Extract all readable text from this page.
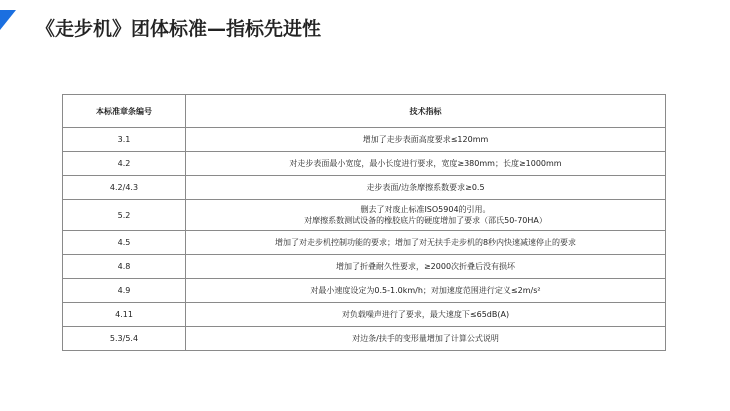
《走步机》团体标准—指标先进性
本标准章条编号	技术指标
3.1	增加了走步表面高度要求≤120mm

4.2	对走步表面最小宽度，最小长度进行要求，宽度≥380mm；长度≥1000mm

4.2/4.3	走步表面/边条摩擦系数要求≥0.5

5.2	删去了对废止标准ISO5904的引用。
对摩擦系数测试设备的橡胶底片的硬度增加了要求（邵氏50-70HA）

4.5	增加了对走步机控制功能的要求；增加了对无扶手走步机的8秒内快速减速停止的要求

4.8	增加了折叠耐久性要求，≥2000次折叠后没有损坏

4.9	对最小速度设定为0.5-1.0km/h；对加速度范围进行定义≤2m/s²

4.11	对负载噪声进行了要求，最大速度下≤65dB(A)

5.3/5.4	对边条/扶手的变形量增加了计算公式说明
